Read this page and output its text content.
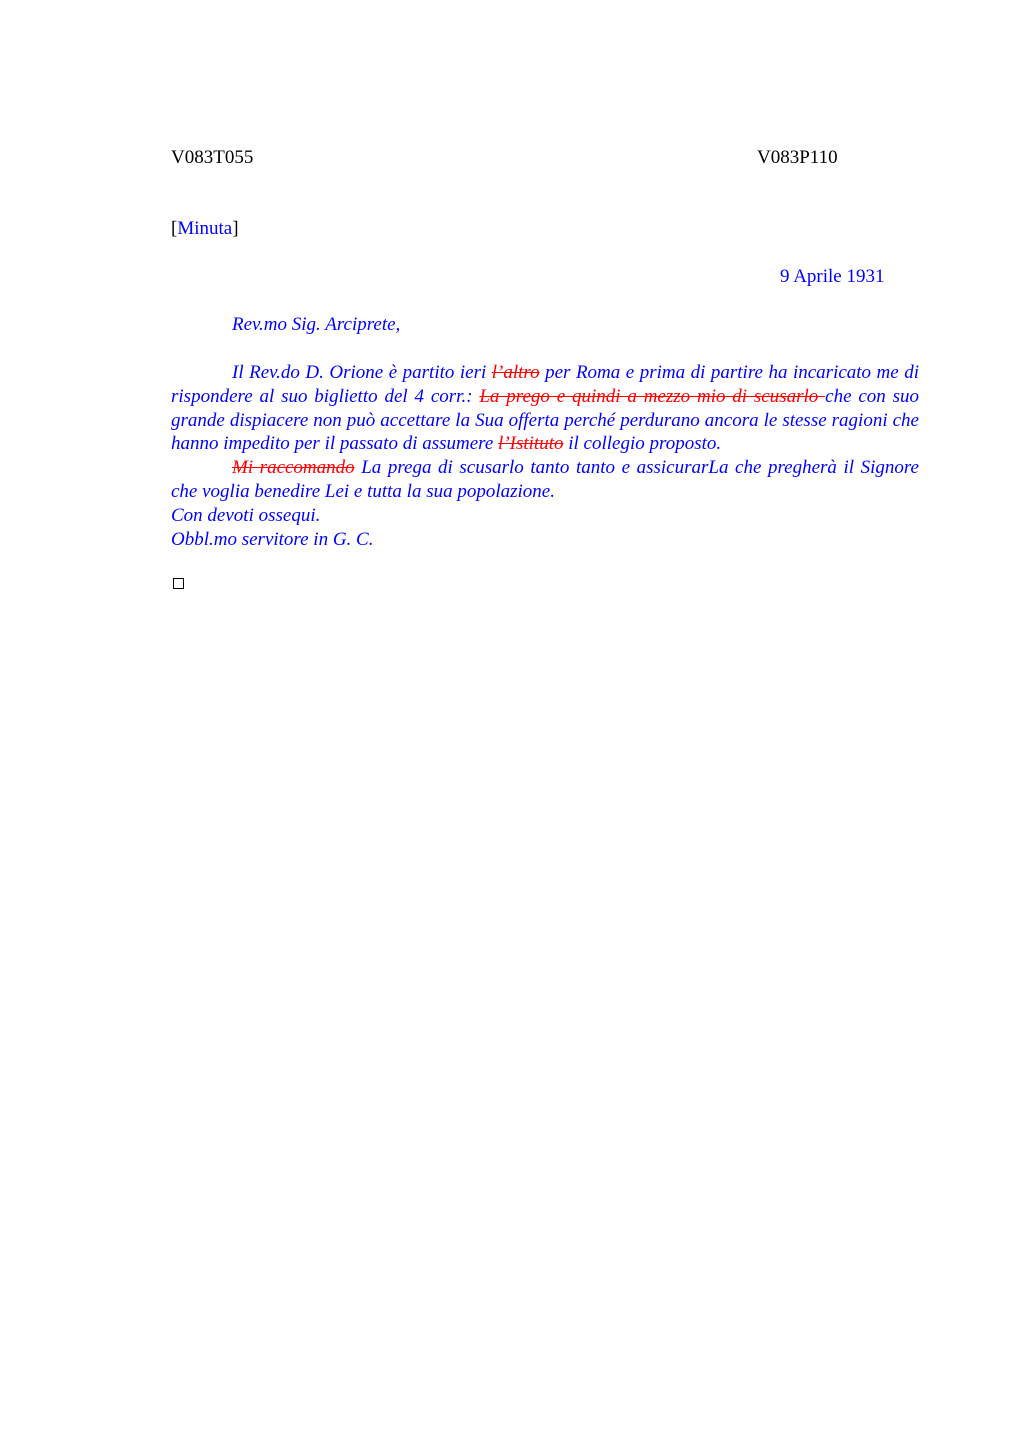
V083T055	V083P110
[Minuta]
9 Aprile 1931
Rev.mo Sig. Arciprete,

Il Rev.do D. Orione è partito ieri l’altro per Roma e prima di partire ha incaricato me di rispondere al suo biglietto del 4 corr.: La prego e quindi a mezzo mio di scusarlo che con suo grande dispiacere non può accettare la Sua offerta perché perdurano ancora le stesse ragioni che hanno impedito per il passato di assumere l’Istituto il collegio proposto.

Mi raccomando La prega di scusarlo tanto tanto e assicurarLa che pregherà il Signore che voglia benedire Lei e tutta la sua popolazione.

Con devoti ossequi.

Obbl.mo servitore in G. C.
